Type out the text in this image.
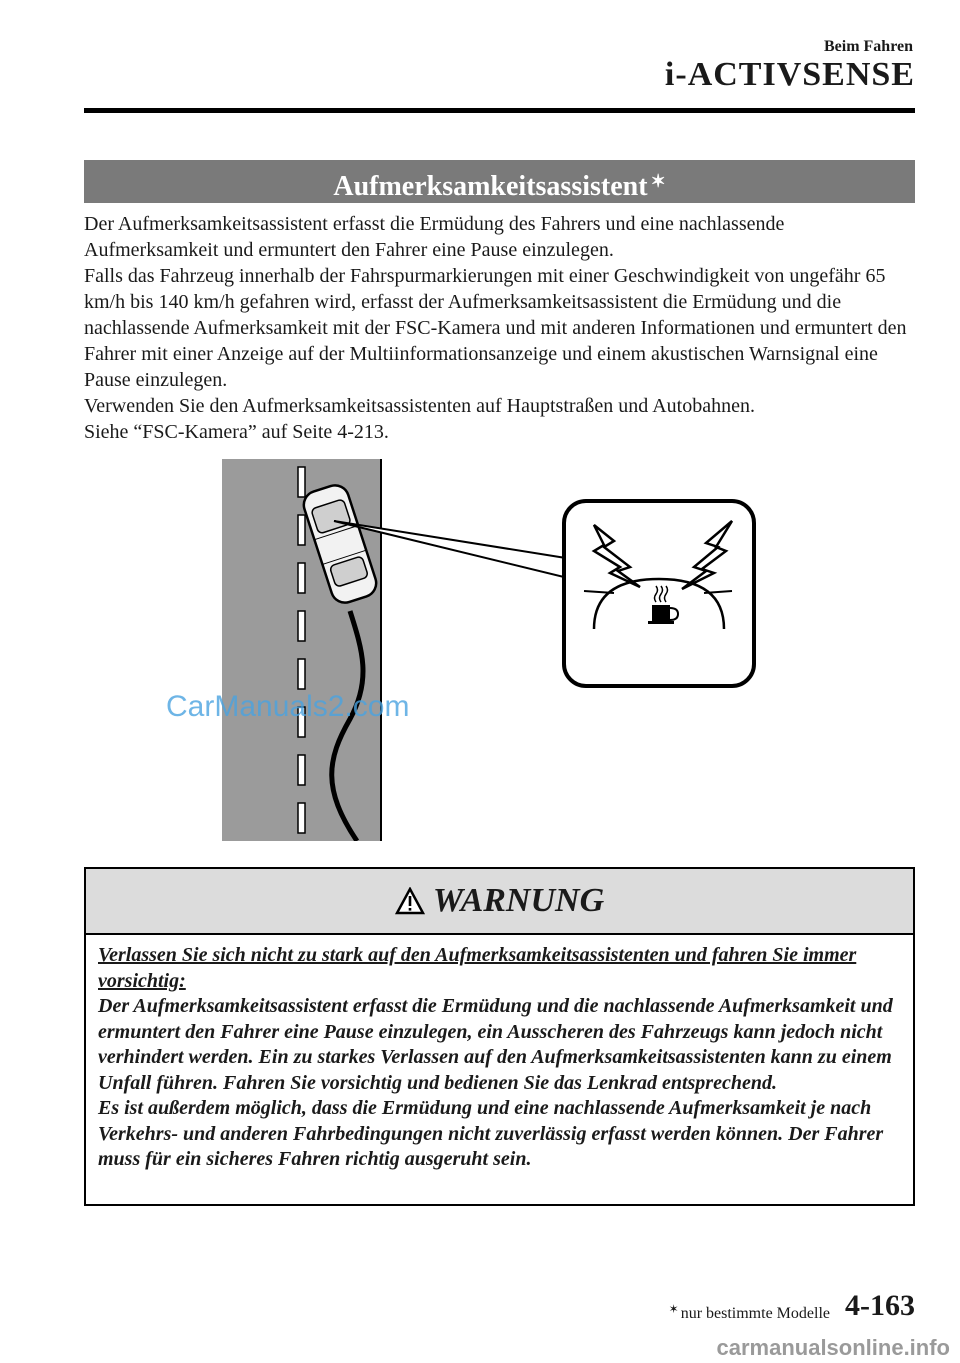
Beim Fahren
i-ACTIVSENSE
Aufmerksamkeitsassistent ✶

Der Aufmerksamkeitsassistent erfasst die Ermüdung des Fahrers und eine nachlassende Aufmerksamkeit und ermuntert den Fahrer eine Pause einzulegen.

Falls das Fahrzeug innerhalb der Fahrspurmarkierungen mit einer Geschwindigkeit von ungefähr 65 km/h bis 140 km/h gefahren wird, erfasst der Aufmerksamkeitsassistent die Ermüdung und die nachlassende Aufmerksamkeit mit der FSC-Kamera und mit anderen Informationen und ermuntert den Fahrer mit einer Anzeige auf der Multiinformationsanzeige und einem akustischen Warnsignal eine Pause einzulegen.

Verwenden Sie den Aufmerksamkeitsassistenten auf Hauptstraßen und Autobahnen.

Siehe “FSC-Kamera” auf Seite 4-213.

CarManuals2.com
WARNUNG

Verlassen Sie sich nicht zu stark auf den Aufmerksamkeitsassistenten und fahren Sie immer vorsichtig:

Der Aufmerksamkeitsassistent erfasst die Ermüdung und die nachlassende Aufmerksamkeit und ermuntert den Fahrer eine Pause einzulegen, ein Ausscheren des Fahrzeugs kann jedoch nicht verhindert werden. Ein zu starkes Verlassen auf den Aufmerksamkeitsassistenten kann zu einem Unfall führen. Fahren Sie vorsichtig und bedienen Sie das Lenkrad entsprechend.

Es ist außerdem möglich, dass die Ermüdung und eine nachlassende Aufmerksamkeit je nach Verkehrs- und anderen Fahrbedingungen nicht zuverlässig erfasst werden können. Der Fahrer muss für ein sicheres Fahren richtig ausgeruht sein.

✶ nur bestimmte Modelle 4-163
carmanualsonline.info
